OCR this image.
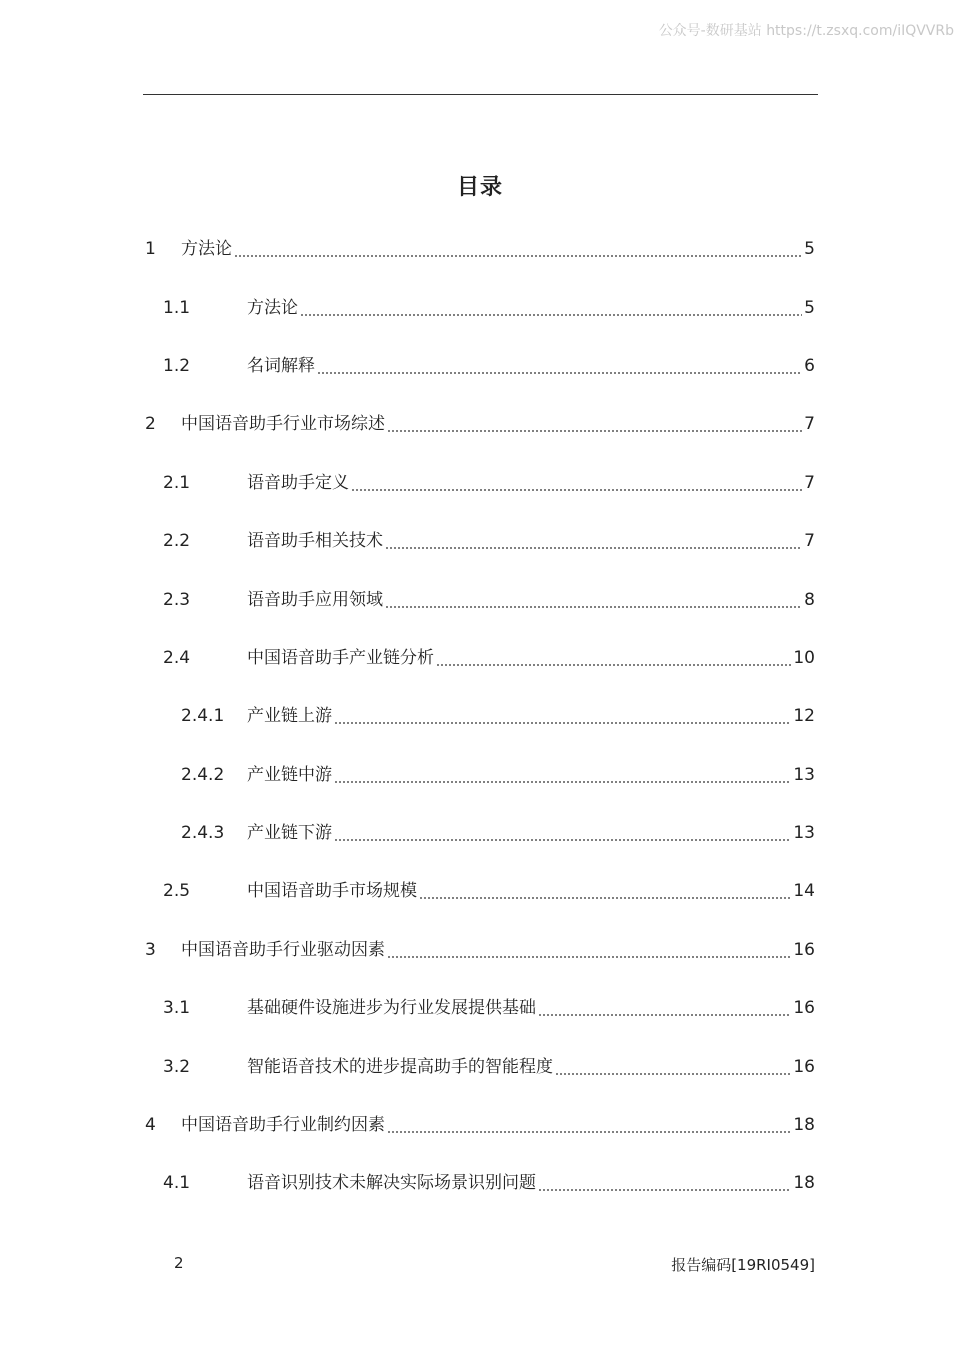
公众号-数研基站 https://t.zsxq.com/iIQVVRb
目录
1	方法论	5
1.1	方法论	5
1.2	名词解释	6
2	中国语音助手行业市场综述	7
2.1	语音助手定义	7
2.2	语音助手相关技术	7
2.3	语音助手应用领域	8
2.4	中国语音助手产业链分析	10
2.4.1	产业链上游	12
2.4.2	产业链中游	13
2.4.3	产业链下游	13
2.5	中国语音助手市场规模	14
3	中国语音助手行业驱动因素	16
3.1	基础硬件设施进步为行业发展提供基础	16
3.2	智能语音技术的进步提高助手的智能程度	16
4	中国语音助手行业制约因素	18
4.1	语音识别技术未解决实际场景识别问题	18
2	报告编码[19RI0549]
